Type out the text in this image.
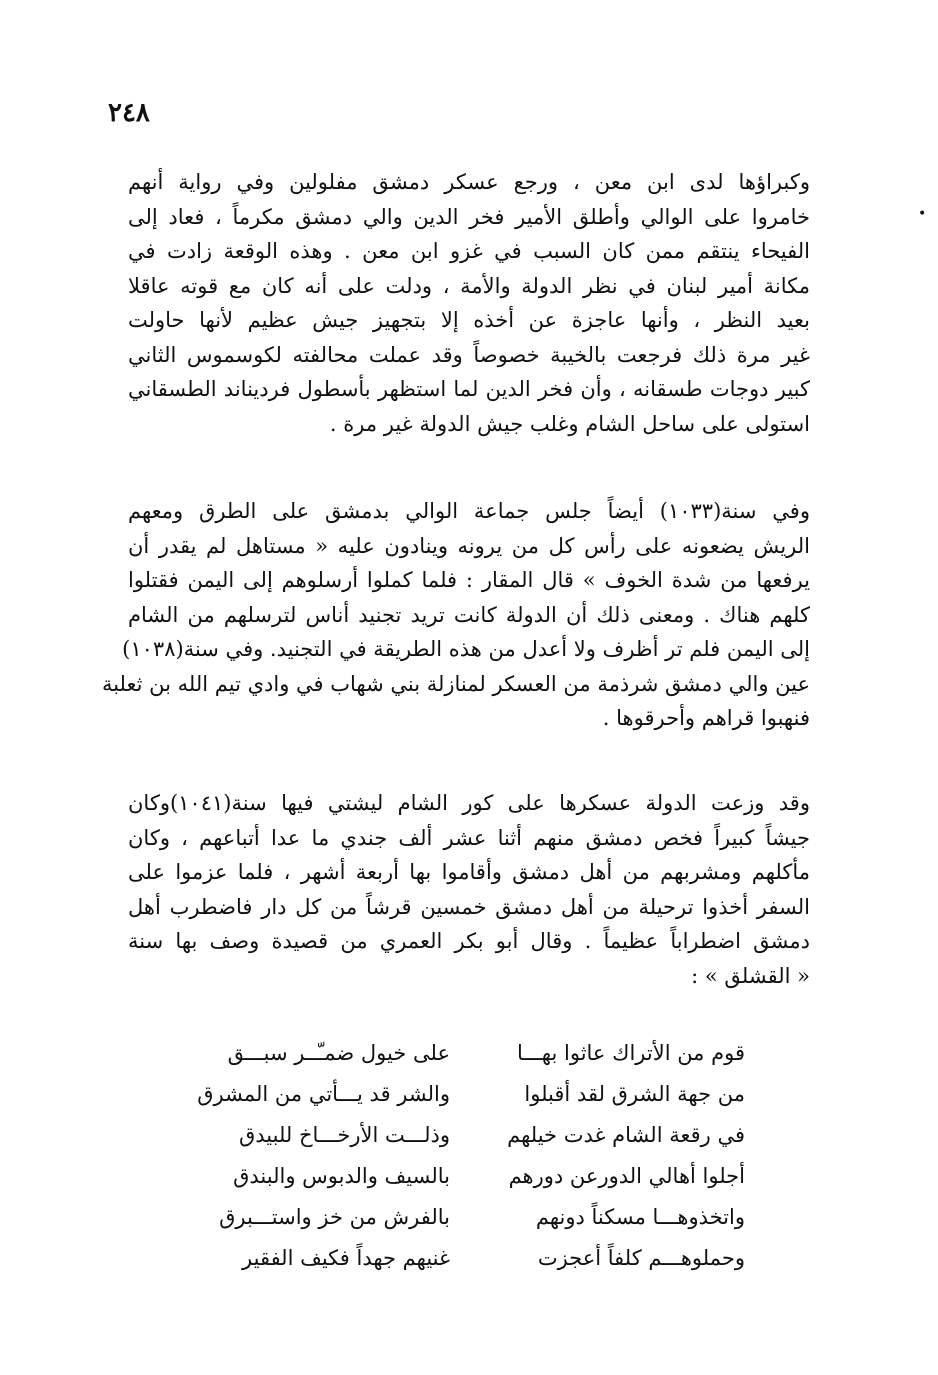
٢٤٨
•
وكبراؤها لدى ابن معن ، ورجع عسكر دمشق مفلولين وفي رواية أنهم
خامروا على الوالي وأطلق الأمير فخر الدين والي دمشق مكرماً ، فعاد إلى
الفيحاء ينتقم ممن كان السبب في غزو ابن معن . وهذه الوقعة زادت في
مكانة أمير لبنان في نظر الدولة والأمة ، ودلت على أنه كان مع قوته عاقلا
بعيد النظر ، وأنها عاجزة عن أخذه إلا بتجهيز جيش عظيم لأنها حاولت
غير مرة ذلك فرجعت بالخيبة خصوصاً وقد عملت محالفته لكوسموس الثاني
كبير دوجات طسقانه ، وأن فخر الدين لما استظهر بأسطول فرديناند الطسقاني
استولى على ساحل الشام وغلب جيش الدولة غير مرة .
وفي سنة(١٠٣٣) أيضاً جلس جماعة الوالي بدمشق على الطرق ومعهم
الريش يضعونه على رأس كل من يرونه وينادون عليه « مستاهل لم يقدر أن
يرفعها من شدة الخوف » قال المقار : فلما كملوا أرسلوهم إلى اليمن فقتلوا
كلهم هناك . ومعنى ذلك أن الدولة كانت تريد تجنيد أناس لترسلهم من الشام
إلى اليمن فلم تر أظرف ولا أعدل من هذه الطريقة في التجنيد. وفي سنة(١٠٣٨)
عين والي دمشق شرذمة من العسكر لمنازلة بني شهاب في وادي تيم الله بن ثعلبة
فنهبوا قراهم وأحرقوها .
وقد وزعت الدولة عسكرها على كور الشام ليشتي فيها سنة(١٠٤١)وكان
جيشاً كبيراً فخص دمشق منهم أثنا عشر ألف جندي ما عدا أتباعهم ، وكان
مأكلهم ومشربهم من أهل دمشق وأقاموا بها أربعة أشهر ، فلما عزموا على
السفر أخذوا ترحيلة من أهل دمشق خمسين قرشاً من كل دار فاضطرب أهل
دمشق اضطراباً عظيماً . وقال أبو بكر العمري من قصيدة وصف بها سنة
« القشلق » :
قوم من الأتراك عاثوا بهـــا
على خيول ضمـّــر سبـــق
من جهة الشرق لقد أقبلوا
والشر قد يـــأتي من المشرق
في رقعة الشام غدت خيلهم
وذلـــت الأرخـــاخ للبيدق
أجلوا أهالي الدورعن دورهم
بالسيف والدبوس والبندق
واتخذوهـــا مسكناً دونهم
بالفرش من خز واستـــبرق
وحملوهـــم كلفاً أعجزت
غنيهم جهداً فكيف الفقير
